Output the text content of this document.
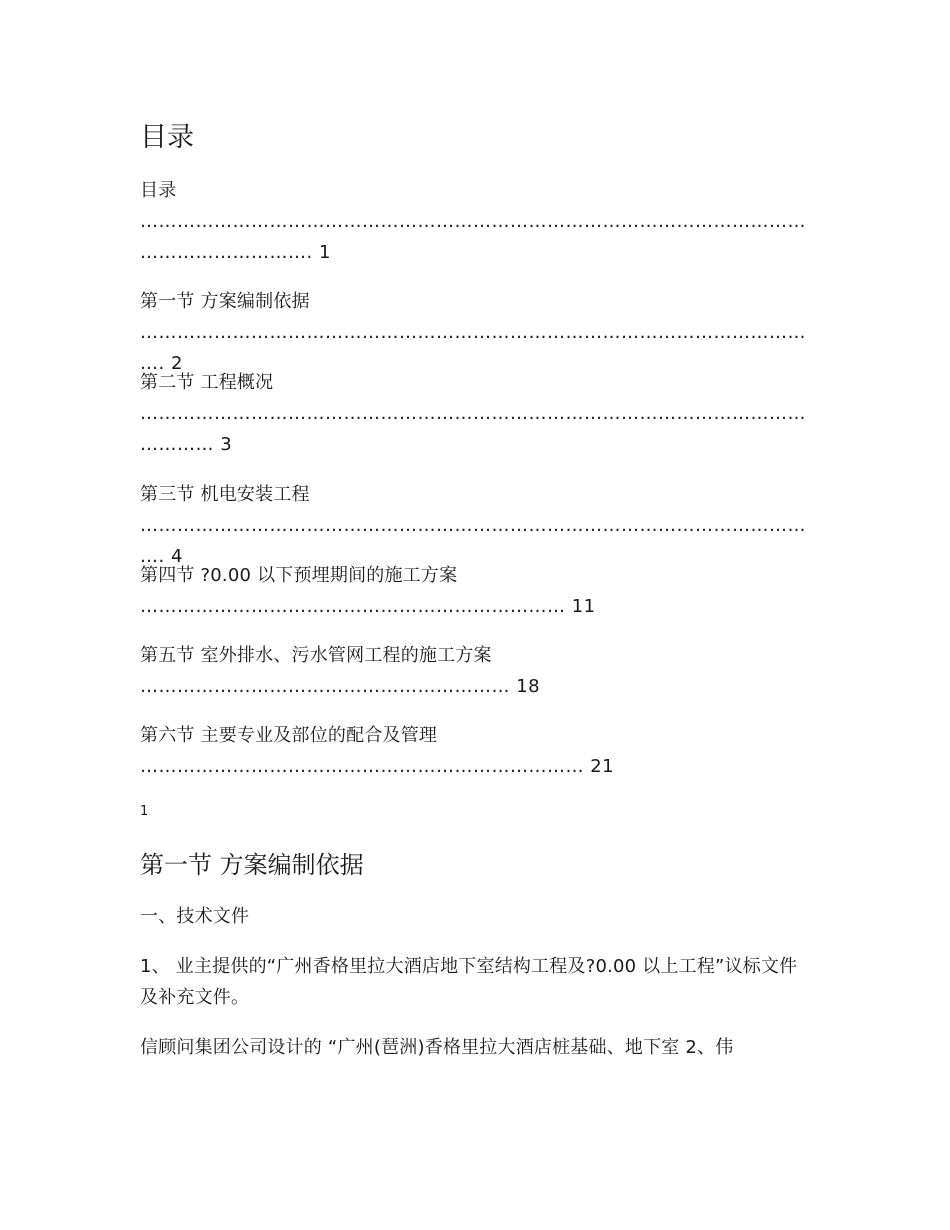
目录
目录
………………………………………………………………………………………………………………………. 1
第一节 方案编制依据
…………………………………………………………………………………………………. 2
第二节 工程概况
………………………………………………………………………………………………………… 3
第三节 机电安装工程
…………………………………………………………………………………………………. 4
第四节 ?0.00 以下预埋期间的施工方案
…………………………………………………………… 11
第五节 室外排水、污水管网工程的施工方案
…………………………………………………… 18
第六节 主要专业及部位的配合及管理
……………………………………………………………… 21
1
第一节 方案编制依据

一、技术文件

1、 业主提供的“广州香格里拉大酒店地下室结构工程及?0.00 以上工程”议标文件及补充文件。

信顾问集团公司设计的 “广州(琶洲)香格里拉大酒店桩基础、地下室 2、伟
